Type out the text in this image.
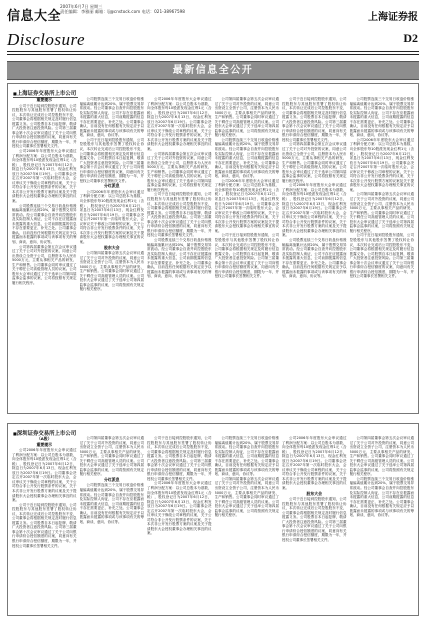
信息大全
2007年6月7日 星期三
责任编辑：李雅丽 邮箱：lj@cnstock.com 电话：021-38967598
上海证券报
Disclosure	D2
最新信息全公开
■ 上海证券交易所上市公司
重要提示
公司于近日接到控股股东通知，公司控股股东与其他股东签署了股权转让协议，本次转让完成后公司控股股东不变，公司董事会将根据相关规定及时履行信息披露义务。公司股票自本日起复牌，敬请广大投资者注意投资风险。公司第三届董事会第十次会议审议通过了关于公司向银行申请综合授信额度的议案，同意向有关银行申请综合授信额度，期限为一年，并授权公司董事长签署相关文件。
公司2006年年度股东大会审议通过了利润分配方案：以公司总股本为基数，向全体股东每10股派发现金红利1元（含税），股权登记日为2007年6月12日，除息日为2007年6月13日，现金红利发放日为2007年6月19日。公司董事会决定召开2007年第一次临时股东大会，会议审议关于修改公司章程的议案，关于公司符合非公开发行股票条件的议案，关于本次非公开发行股票方案的议案及关于提请股东大会授权董事会办理相关事宜的议案。
公司股票连续三个交易日收盘价格涨幅偏离值累计达到20%，属于股票交易异常波动。经公司董事会自查并向控股股东及实际控制人询证，公司不存在应披露而未披露的重大信息，公司前期披露的信息不存在需要更正、补充之处。公司董事会确认，目前没有任何根据有关规定应予以披露而未披露的事项或与该事项有关的筹划、商谈、意向、协议等。
公司第四届董事会第五次会议审议通过了关于公司对外投资的议案，同意公司出资设立全资子公司，注册资本为人民币5000万元，主要从事相关产品的研发、生产和销售。公司董事会同时审议通过了关于聘任公司高级管理人员的议案。公司股东大会审议通过了关于选举公司第四届监事会监事的议案，公司将按照有关规定履行相关程序。
公司股票连续三个交易日收盘价格涨幅偏离值累计达到20%，属于股票交易异常波动。经公司董事会自查并向控股股东及实际控制人询证，公司不存在应披露而未披露的重大信息，公司前期披露的信息不存在需要更正、补充之处。公司董事会确认，目前没有任何根据有关规定应予以披露而未披露的事项或与该事项有关的筹划、商谈、意向、协议等。
公司于近日接到控股股东通知，公司控股股东与其他股东签署了股权转让协议，本次转让完成后公司控股股东不变，公司董事会将根据相关规定及时履行信息披露义务。公司股票自本日起复牌，敬请广大投资者注意投资风险。公司第三届董事会第十次会议审议通过了关于公司向银行申请综合授信额度的议案，同意向有关银行申请综合授信额度，期限为一年，并授权公司董事长签署相关文件。
分红派息
公司2006年年度股东大会审议通过了利润分配方案：以公司总股本为基数，向全体股东每10股派发现金红利1元（含税），股权登记日为2007年6月12日，除息日为2007年6月13日，现金红利发放日为2007年6月19日。公司董事会决定召开2007年第一次临时股东大会，会议审议关于修改公司章程的议案，关于公司符合非公开发行股票条件的议案，关于本次非公开发行股票方案的议案及关于提请股东大会授权董事会办理相关事宜的议案。
股东大会
公司第四届董事会第五次会议审议通过了关于公司对外投资的议案，同意公司出资设立全资子公司，注册资本为人民币5000万元，主要从事相关产品的研发、生产和销售。公司董事会同时审议通过了关于聘任公司高级管理人员的议案。公司股东大会审议通过了关于选举公司第四届监事会监事的议案，公司将按照有关规定履行相关程序。
公司2006年年度股东大会审议通过了利润分配方案：以公司总股本为基数，向全体股东每10股派发现金红利1元（含税），股权登记日为2007年6月12日，除息日为2007年6月13日，现金红利发放日为2007年6月19日。公司董事会决定召开2007年第一次临时股东大会，会议审议关于修改公司章程的议案，关于公司符合非公开发行股票条件的议案，关于本次非公开发行股票方案的议案及关于提请股东大会授权董事会办理相关事宜的议案。
公司第四届董事会第五次会议审议通过了关于公司对外投资的议案，同意公司出资设立全资子公司，注册资本为人民币5000万元，主要从事相关产品的研发、生产和销售。公司董事会同时审议通过了关于聘任公司高级管理人员的议案。公司股东大会审议通过了关于选举公司第四届监事会监事的议案，公司将按照有关规定履行相关程序。
公司于近日接到控股股东通知，公司控股股东与其他股东签署了股权转让协议，本次转让完成后公司控股股东不变，公司董事会将根据相关规定及时履行信息披露义务。公司股票自本日起复牌，敬请广大投资者注意投资风险。公司第三届董事会第十次会议审议通过了关于公司向银行申请综合授信额度的议案，同意向有关银行申请综合授信额度，期限为一年，并授权公司董事长签署相关文件。
公司股票连续三个交易日收盘价格涨幅偏离值累计达到20%，属于股票交易异常波动。经公司董事会自查并向控股股东及实际控制人询证，公司不存在应披露而未披露的重大信息，公司前期披露的信息不存在需要更正、补充之处。公司董事会确认，目前没有任何根据有关规定应予以披露而未披露的事项或与该事项有关的筹划、商谈、意向、协议等。
公司第四届董事会第五次会议审议通过了关于公司对外投资的议案，同意公司出资设立全资子公司，注册资本为人民币5000万元，主要从事相关产品的研发、生产和销售。公司董事会同时审议通过了关于聘任公司高级管理人员的议案。公司股东大会审议通过了关于选举公司第四届监事会监事的议案，公司将按照有关规定履行相关程序。
公司股票连续三个交易日收盘价格涨幅偏离值累计达到20%，属于股票交易异常波动。经公司董事会自查并向控股股东及实际控制人询证，公司不存在应披露而未披露的重大信息，公司前期披露的信息不存在需要更正、补充之处。公司董事会确认，目前没有任何根据有关规定应予以披露而未披露的事项或与该事项有关的筹划、商谈、意向、协议等。
公司2006年年度股东大会审议通过了利润分配方案：以公司总股本为基数，向全体股东每10股派发现金红利1元（含税），股权登记日为2007年6月12日，除息日为2007年6月13日，现金红利发放日为2007年6月19日。公司董事会决定召开2007年第一次临时股东大会，会议审议关于修改公司章程的议案，关于公司符合非公开发行股票条件的议案，关于本次非公开发行股票方案的议案及关于提请股东大会授权董事会办理相关事宜的议案。
公司于近日接到控股股东通知，公司控股股东与其他股东签署了股权转让协议，本次转让完成后公司控股股东不变，公司董事会将根据相关规定及时履行信息披露义务。公司股票自本日起复牌，敬请广大投资者注意投资风险。公司第三届董事会第十次会议审议通过了关于公司向银行申请综合授信额度的议案，同意向有关银行申请综合授信额度，期限为一年，并授权公司董事长签署相关文件。
公司于近日接到控股股东通知，公司控股股东与其他股东签署了股权转让协议，本次转让完成后公司控股股东不变，公司董事会将根据相关规定及时履行信息披露义务。公司股票自本日起复牌，敬请广大投资者注意投资风险。公司第三届董事会第十次会议审议通过了关于公司向银行申请综合授信额度的议案，同意向有关银行申请综合授信额度，期限为一年，并授权公司董事长签署相关文件。
公司第四届董事会第五次会议审议通过了关于公司对外投资的议案，同意公司出资设立全资子公司，注册资本为人民币5000万元，主要从事相关产品的研发、生产和销售。公司董事会同时审议通过了关于聘任公司高级管理人员的议案。公司股东大会审议通过了关于选举公司第四届监事会监事的议案，公司将按照有关规定履行相关程序。
公司2006年年度股东大会审议通过了利润分配方案：以公司总股本为基数，向全体股东每10股派发现金红利1元（含税），股权登记日为2007年6月12日，除息日为2007年6月13日，现金红利发放日为2007年6月19日。公司董事会决定召开2007年第一次临时股东大会，会议审议关于修改公司章程的议案，关于公司符合非公开发行股票条件的议案，关于本次非公开发行股票方案的议案及关于提请股东大会授权董事会办理相关事宜的议案。
公司股票连续三个交易日收盘价格涨幅偏离值累计达到20%，属于股票交易异常波动。经公司董事会自查并向控股股东及实际控制人询证，公司不存在应披露而未披露的重大信息，公司前期披露的信息不存在需要更正、补充之处。公司董事会确认，目前没有任何根据有关规定应予以披露而未披露的事项或与该事项有关的筹划、商谈、意向、协议等。
公司股票连续三个交易日收盘价格涨幅偏离值累计达到20%，属于股票交易异常波动。经公司董事会自查并向控股股东及实际控制人询证，公司不存在应披露而未披露的重大信息，公司前期披露的信息不存在需要更正、补充之处。公司董事会确认，目前没有任何根据有关规定应予以披露而未披露的事项或与该事项有关的筹划、商谈、意向、协议等。
公司2006年年度股东大会审议通过了利润分配方案：以公司总股本为基数，向全体股东每10股派发现金红利1元（含税），股权登记日为2007年6月12日，除息日为2007年6月13日，现金红利发放日为2007年6月19日。公司董事会决定召开2007年第一次临时股东大会，会议审议关于修改公司章程的议案，关于公司符合非公开发行股票条件的议案，关于本次非公开发行股票方案的议案及关于提请股东大会授权董事会办理相关事宜的议案。
公司第四届董事会第五次会议审议通过了关于公司对外投资的议案，同意公司出资设立全资子公司，注册资本为人民币5000万元，主要从事相关产品的研发、生产和销售。公司董事会同时审议通过了关于聘任公司高级管理人员的议案。公司股东大会审议通过了关于选举公司第四届监事会监事的议案，公司将按照有关规定履行相关程序。
公司于近日接到控股股东通知，公司控股股东与其他股东签署了股权转让协议，本次转让完成后公司控股股东不变，公司董事会将根据相关规定及时履行信息披露义务。公司股票自本日起复牌，敬请广大投资者注意投资风险。公司第三届董事会第十次会议审议通过了关于公司向银行申请综合授信额度的议案，同意向有关银行申请综合授信额度，期限为一年，并授权公司董事长签署相关文件。
■ 深圳证券交易所上市公司
（A股）
重要提示
公司2006年年度股东大会审议通过了利润分配方案：以公司总股本为基数，向全体股东每10股派发现金红利1元（含税），股权登记日为2007年6月12日，除息日为2007年6月13日，现金红利发放日为2007年6月19日。公司董事会决定召开2007年第一次临时股东大会，会议审议关于修改公司章程的议案，关于公司符合非公开发行股票条件的议案，关于本次非公开发行股票方案的议案及关于提请股东大会授权董事会办理相关事宜的议案。
公司于近日接到控股股东通知，公司控股股东与其他股东签署了股权转让协议，本次转让完成后公司控股股东不变，公司董事会将根据相关规定及时履行信息披露义务。公司股票自本日起复牌，敬请广大投资者注意投资风险。公司第三届董事会第十次会议审议通过了关于公司向银行申请综合授信额度的议案，同意向有关银行申请综合授信额度，期限为一年，并授权公司董事长签署相关文件。
公司第四届董事会第五次会议审议通过了关于公司对外投资的议案，同意公司出资设立全资子公司，注册资本为人民币5000万元，主要从事相关产品的研发、生产和销售。公司董事会同时审议通过了关于聘任公司高级管理人员的议案。公司股东大会审议通过了关于选举公司第四届监事会监事的议案，公司将按照有关规定履行相关程序。
分红派息
公司股票连续三个交易日收盘价格涨幅偏离值累计达到20%，属于股票交易异常波动。经公司董事会自查并向控股股东及实际控制人询证，公司不存在应披露而未披露的重大信息，公司前期披露的信息不存在需要更正、补充之处。公司董事会确认，目前没有任何根据有关规定应予以披露而未披露的事项或与该事项有关的筹划、商谈、意向、协议等。
公司于近日接到控股股东通知，公司控股股东与其他股东签署了股权转让协议，本次转让完成后公司控股股东不变，公司董事会将根据相关规定及时履行信息披露义务。公司股票自本日起复牌，敬请广大投资者注意投资风险。公司第三届董事会第十次会议审议通过了关于公司向银行申请综合授信额度的议案，同意向有关银行申请综合授信额度，期限为一年，并授权公司董事长签署相关文件。
公司2006年年度股东大会审议通过了利润分配方案：以公司总股本为基数，向全体股东每10股派发现金红利1元（含税），股权登记日为2007年6月12日，除息日为2007年6月13日，现金红利发放日为2007年6月19日。公司董事会决定召开2007年第一次临时股东大会，会议审议关于修改公司章程的议案，关于公司符合非公开发行股票条件的议案，关于本次非公开发行股票方案的议案及关于提请股东大会授权董事会办理相关事宜的议案。
公司股票连续三个交易日收盘价格涨幅偏离值累计达到20%，属于股票交易异常波动。经公司董事会自查并向控股股东及实际控制人询证，公司不存在应披露而未披露的重大信息，公司前期披露的信息不存在需要更正、补充之处。公司董事会确认，目前没有任何根据有关规定应予以披露而未披露的事项或与该事项有关的筹划、商谈、意向、协议等。
公司第四届董事会第五次会议审议通过了关于公司对外投资的议案，同意公司出资设立全资子公司，注册资本为人民币5000万元，主要从事相关产品的研发、生产和销售。公司董事会同时审议通过了关于聘任公司高级管理人员的议案。公司股东大会审议通过了关于选举公司第四届监事会监事的议案，公司将按照有关规定履行相关程序。
公司2006年年度股东大会审议通过了利润分配方案：以公司总股本为基数，向全体股东每10股派发现金红利1元（含税），股权登记日为2007年6月12日，除息日为2007年6月13日，现金红利发放日为2007年6月19日。公司董事会决定召开2007年第一次临时股东大会，会议审议关于修改公司章程的议案，关于公司符合非公开发行股票条件的议案，关于本次非公开发行股票方案的议案及关于提请股东大会授权董事会办理相关事宜的议案。
股东大会
公司于近日接到控股股东通知，公司控股股东与其他股东签署了股权转让协议，本次转让完成后公司控股股东不变，公司董事会将根据相关规定及时履行信息披露义务。公司股票自本日起复牌，敬请广大投资者注意投资风险。公司第三届董事会第十次会议审议通过了关于公司向银行申请综合授信额度的议案，同意向有关银行申请综合授信额度，期限为一年，并授权公司董事长签署相关文件。
公司第四届董事会第五次会议审议通过了关于公司对外投资的议案，同意公司出资设立全资子公司，注册资本为人民币5000万元，主要从事相关产品的研发、生产和销售。公司董事会同时审议通过了关于聘任公司高级管理人员的议案。公司股东大会审议通过了关于选举公司第四届监事会监事的议案，公司将按照有关规定履行相关程序。
公司股票连续三个交易日收盘价格涨幅偏离值累计达到20%，属于股票交易异常波动。经公司董事会自查并向控股股东及实际控制人询证，公司不存在应披露而未披露的重大信息，公司前期披露的信息不存在需要更正、补充之处。公司董事会确认，目前没有任何根据有关规定应予以披露而未披露的事项或与该事项有关的筹划、商谈、意向、协议等。
